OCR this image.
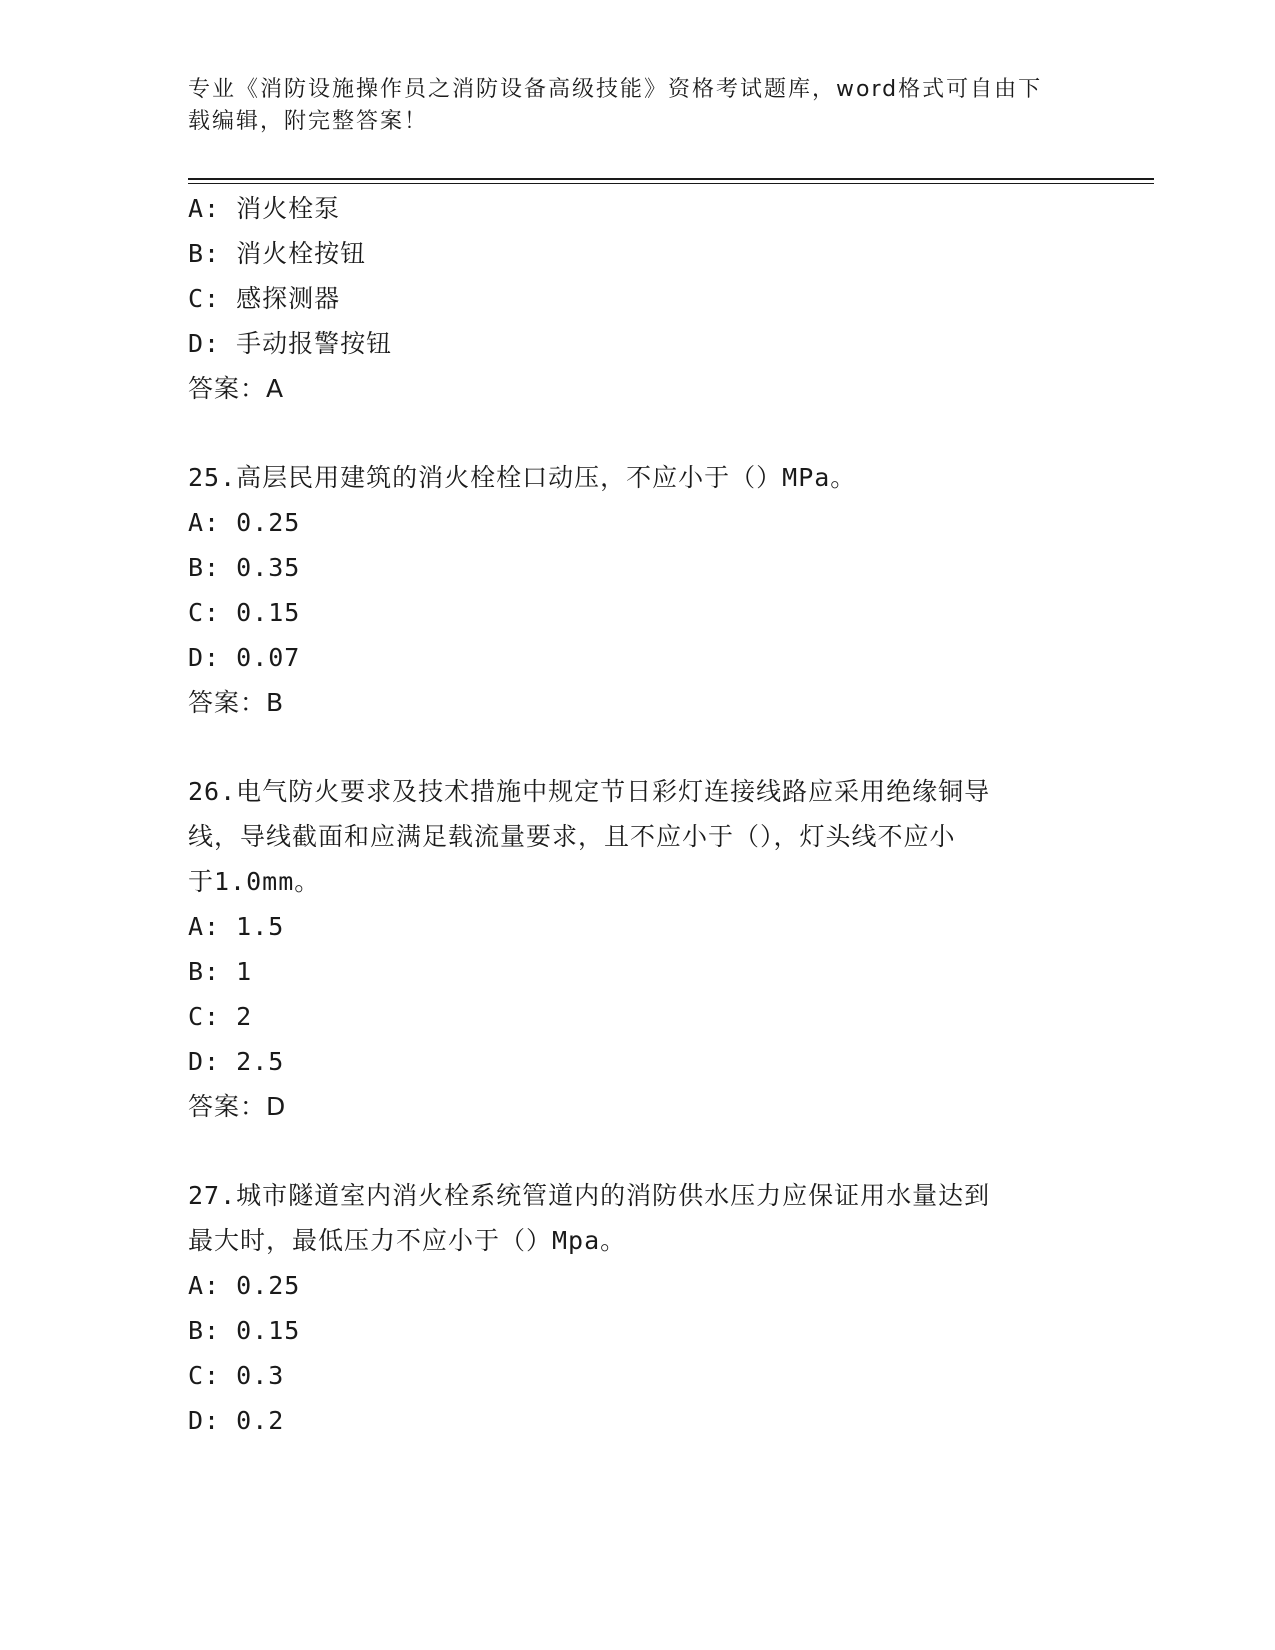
专业《消防设施操作员之消防设备高级技能》资格考试题库，word格式可自由下
载编辑，附完整答案！
A: 消火栓泵
B: 消火栓按钮
C: 感探测器
D: 手动报警按钮
答案：A
25.高层民用建筑的消火栓栓口动压，不应小于（）MPa。
A: 0.25
B: 0.35
C: 0.15
D: 0.07
答案：B
26.电气防火要求及技术措施中规定节日彩灯连接线路应采用绝缘铜导
线，导线截面和应满足载流量要求，且不应小于（），灯头线不应小
于1.0mm。
A: 1.5
B: 1
C: 2
D: 2.5
答案：D
27.城市隧道室内消火栓系统管道内的消防供水压力应保证用水量达到
最大时，最低压力不应小于（）Mpa。
A: 0.25
B: 0.15
C: 0.3
D: 0.2
